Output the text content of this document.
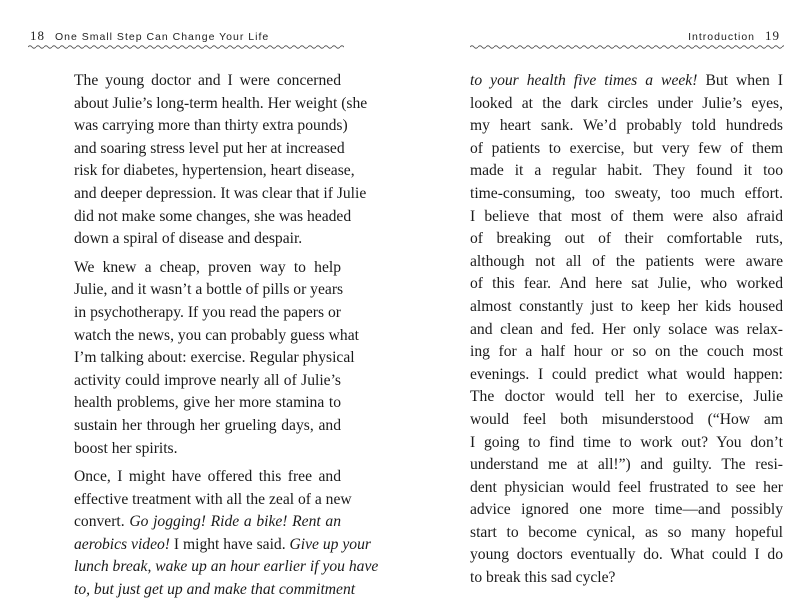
18 One Small Step Can Change Your Life

The young doctor and I were concerned
about Julie’s long-term health. Her weight (she
was carrying more than thirty extra pounds)
and soaring stress level put her at increased
risk for diabetes, hypertension, heart disease,
and deeper depression. It was clear that if Julie
did not make some changes, she was headed
down a spiral of disease and despair.

We knew a cheap, proven way to help
Julie, and it wasn’t a bottle of pills or years
in psychotherapy. If you read the papers or
watch the news, you can probably guess what
I’m talking about: exercise. Regular physical
activity could improve nearly all of Julie’s
health problems, give her more stamina to
sustain her through her grueling days, and
boost her spirits.

Once, I might have offered this free and
effective treatment with all the zeal of a new
convert. Go jogging! Ride a bike! Rent an
aerobics video! I might have said. Give up your
lunch break, wake up an hour earlier if you have
to, but just get up and make that commitment

Introduction 19

to your health five times a week! But when I
looked at the dark circles under Julie’s eyes,
my heart sank. We’d probably told hundreds
of patients to exercise, but very few of them
made it a regular habit. They found it too
time-consuming, too sweaty, too much effort.
I believe that most of them were also afraid
of breaking out of their comfortable ruts,
although not all of the patients were aware
of this fear. And here sat Julie, who worked
almost constantly just to keep her kids housed
and clean and fed. Her only solace was relax-
ing for a half hour or so on the couch most
evenings. I could predict what would happen:
The doctor would tell her to exercise, Julie
would feel both misunderstood (“How am
I going to find time to work out? You don’t
understand me at all!”) and guilty. The resi-
dent physician would feel frustrated to see her
advice ignored one more time—and possibly
start to become cynical, as so many hopeful
young doctors eventually do. What could I do
to break this sad cycle?
